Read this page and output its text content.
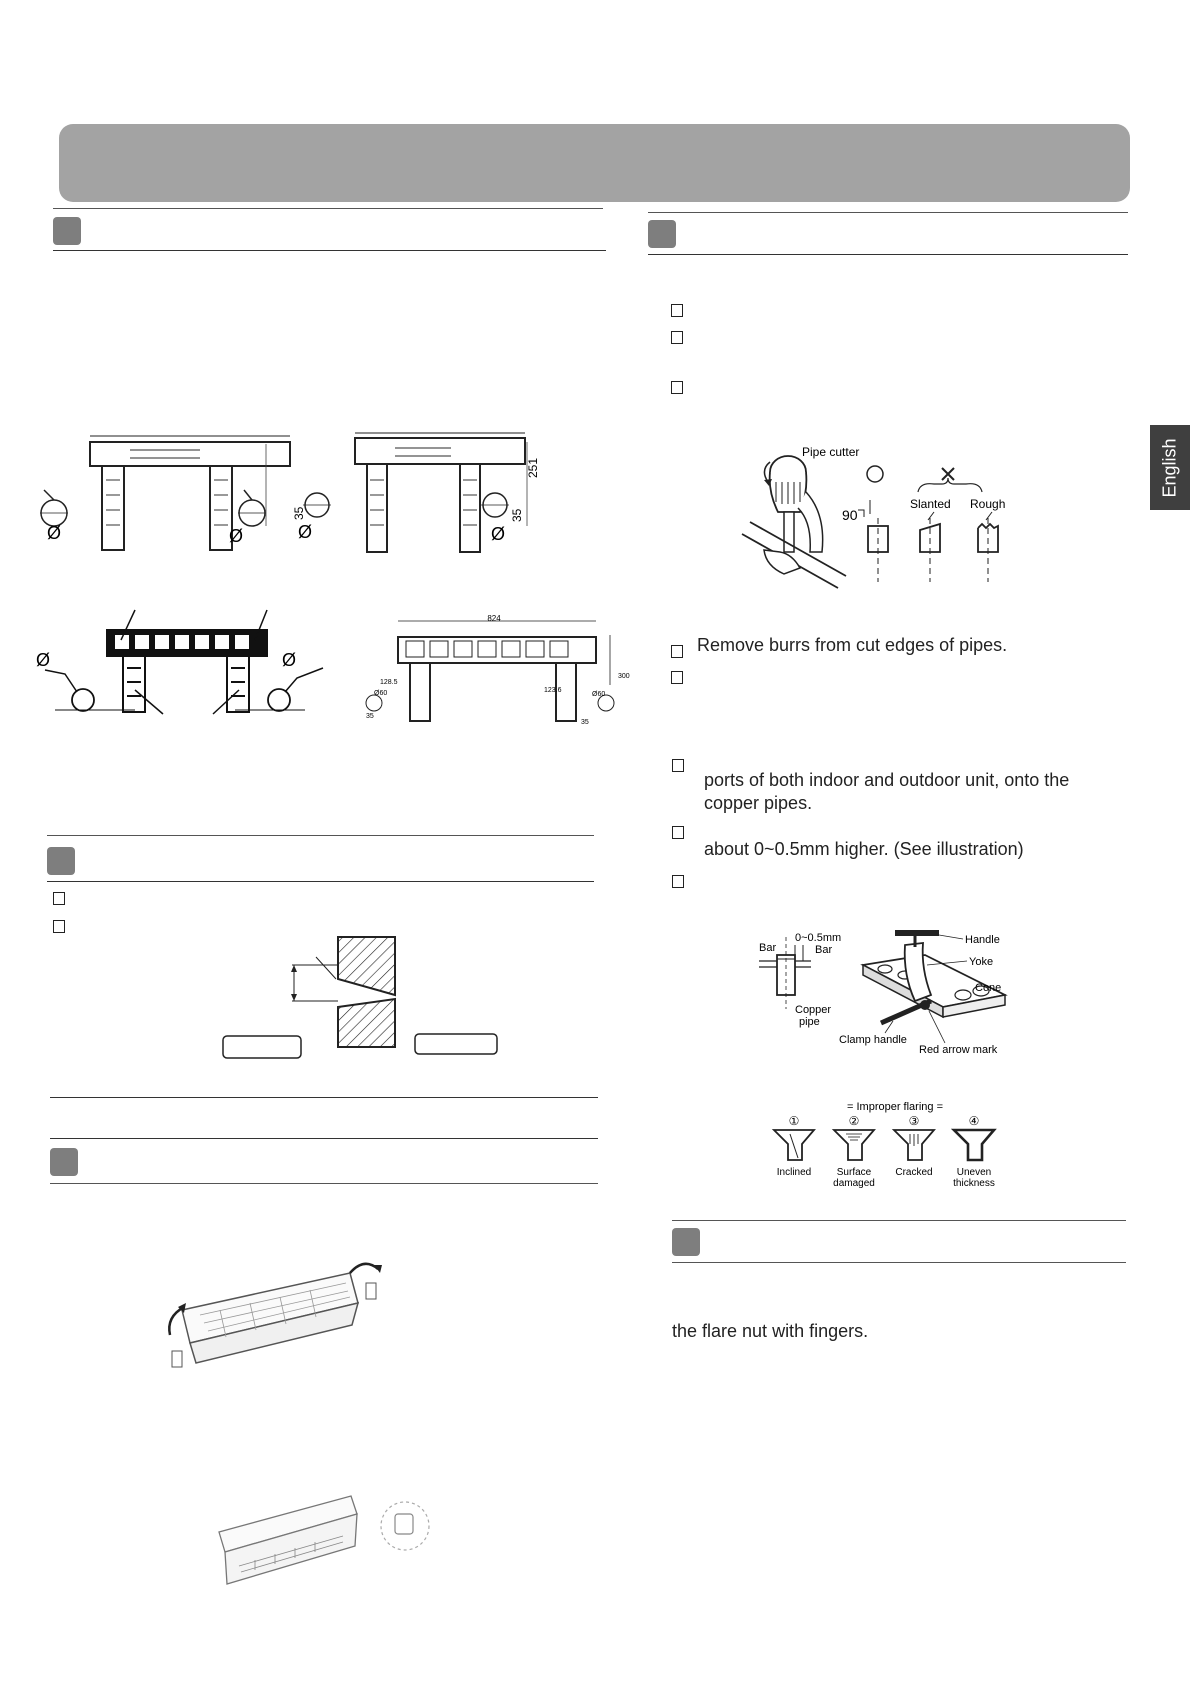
English
Ø	Ø
251
35	35
Ø	Ø
Ø	Ø
824
128.5
Ø60	123.6
Ø60
300
35
35
Pipe cutter
90
Slanted Rough
Remove burrs from cut edges of pipes.
ports of both indoor and outdoor unit, onto the
copper pipes.
about 0~0.5mm higher. (See illustration)
0~0.5mm
Bar
Copper
pipe
Bar
Handle
Yoke
Cone
Clamp handle
Red arrow mark
= Improper flaring =
①
Inclined
②
Surface
damaged
③
Cracked
④
Uneven
thickness
the flare nut with fingers.
